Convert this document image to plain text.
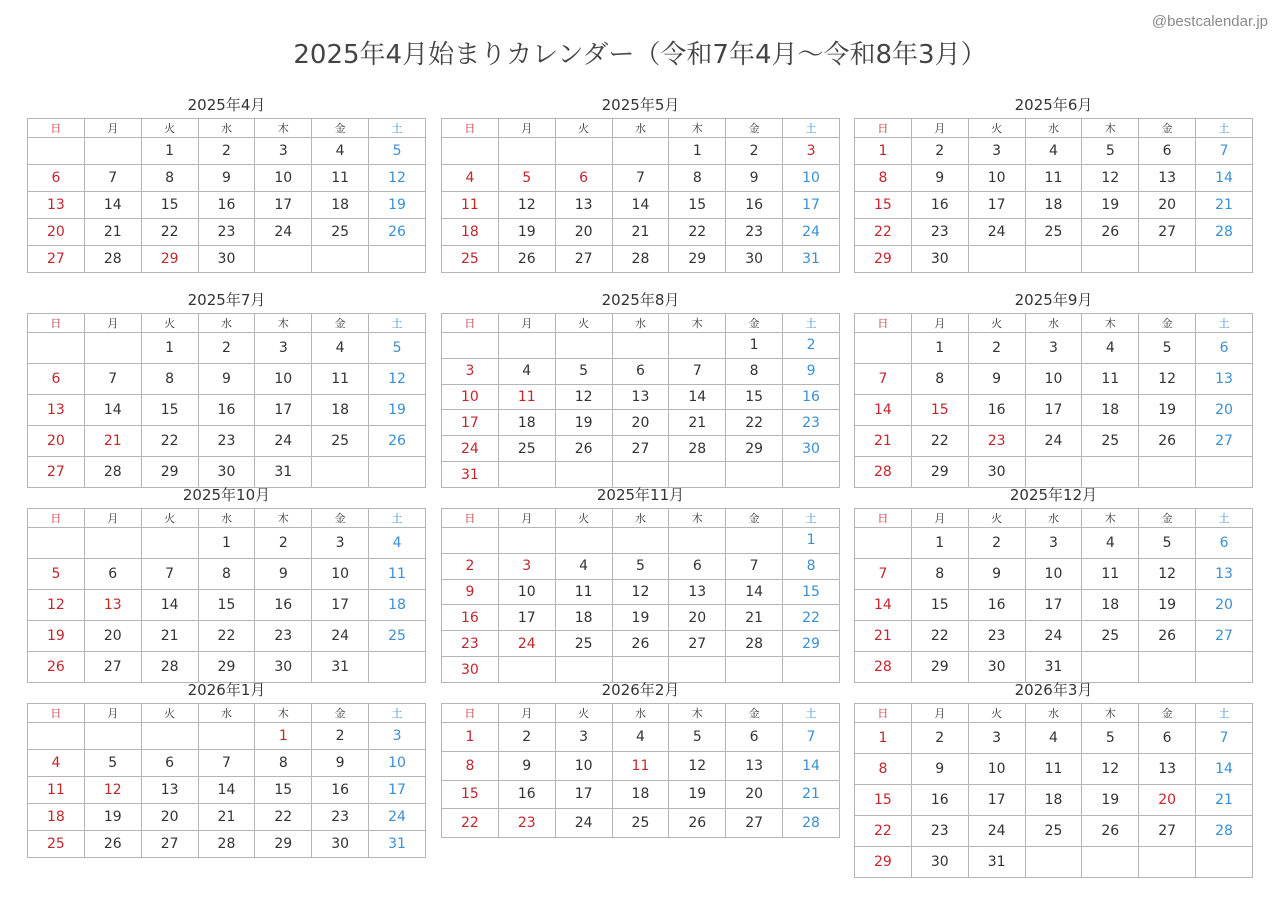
@bestcalendar.jp
2025年4月始まりカレンダー（令和7年4月～令和8年3月）
2025年4月
日	月	火	水	木	金	土
		1	2	3	4	5
6	7	8	9	10	11	12
13	14	15	16	17	18	19
20	21	22	23	24	25	26
27	28	29	30			
2025年5月
日	月	火	水	木	金	土
				1	2	3
4	5	6	7	8	9	10
11	12	13	14	15	16	17
18	19	20	21	22	23	24
25	26	27	28	29	30	31
2025年6月
日	月	火	水	木	金	土
1	2	3	4	5	6	7
8	9	10	11	12	13	14
15	16	17	18	19	20	21
22	23	24	25	26	27	28
29	30					
2025年7月
日	月	火	水	木	金	土
		1	2	3	4	5
6	7	8	9	10	11	12
13	14	15	16	17	18	19
20	21	22	23	24	25	26
27	28	29	30	31		
2025年8月
日	月	火	水	木	金	土
					1	2
3	4	5	6	7	8	9
10	11	12	13	14	15	16
17	18	19	20	21	22	23
24	25	26	27	28	29	30
31						
2025年9月
日	月	火	水	木	金	土
	1	2	3	4	5	6
7	8	9	10	11	12	13
14	15	16	17	18	19	20
21	22	23	24	25	26	27
28	29	30				
2025年10月
日	月	火	水	木	金	土
			1	2	3	4
5	6	7	8	9	10	11
12	13	14	15	16	17	18
19	20	21	22	23	24	25
26	27	28	29	30	31	
2025年11月
日	月	火	水	木	金	土
						1
2	3	4	5	6	7	8
9	10	11	12	13	14	15
16	17	18	19	20	21	22
23	24	25	26	27	28	29
30						
2025年12月
日	月	火	水	木	金	土
	1	2	3	4	5	6
7	8	9	10	11	12	13
14	15	16	17	18	19	20
21	22	23	24	25	26	27
28	29	30	31			
2026年1月
日	月	火	水	木	金	土
				1	2	3
4	5	6	7	8	9	10
11	12	13	14	15	16	17
18	19	20	21	22	23	24
25	26	27	28	29	30	31
2026年2月
日	月	火	水	木	金	土
1	2	3	4	5	6	7
8	9	10	11	12	13	14
15	16	17	18	19	20	21
22	23	24	25	26	27	28
2026年3月
日	月	火	水	木	金	土
1	2	3	4	5	6	7
8	9	10	11	12	13	14
15	16	17	18	19	20	21
22	23	24	25	26	27	28
29	30	31				
